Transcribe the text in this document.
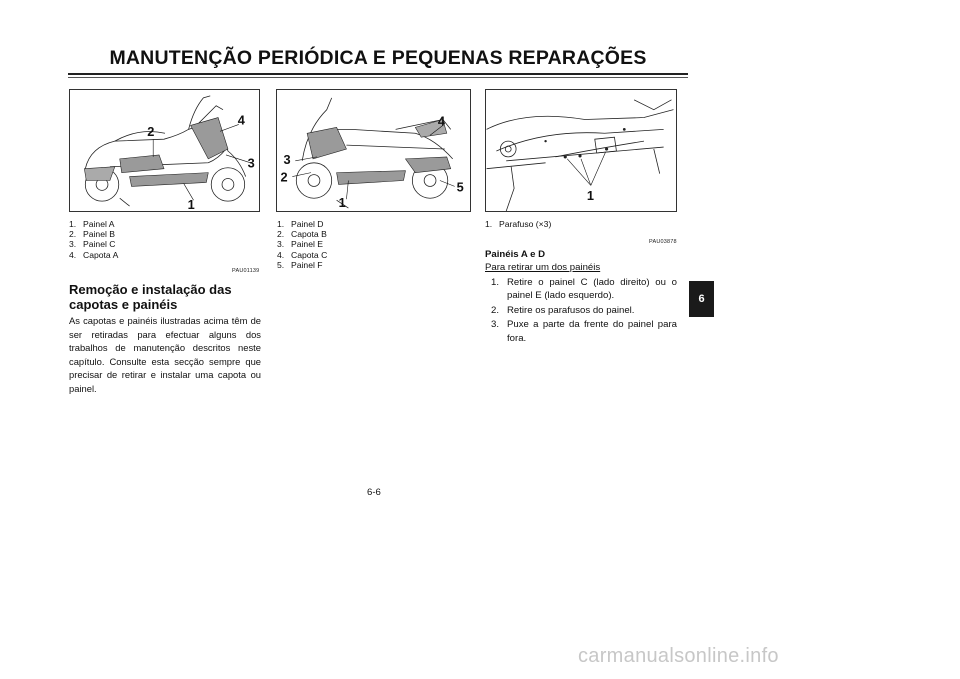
MANUTENÇÃO PERIÓDICA E PEQUENAS REPARAÇÕES
1
2
3
4
1
2
3
4
5
1
1. Painel A
2. Painel B
3. Painel C
4. Capota A
1. Painel D
2. Capota B
3. Painel E
4. Capota C
5. Painel F
1. Parafuso (×3)
PAU01139
PAU03878
Remoção e instalação das capotas e painéis
As capotas e painéis ilustradas acima têm de ser retiradas para efectuar alguns dos trabalhos de manutenção descritos neste capítulo. Consulte esta secção sempre que precisar de retirar e instalar uma capota ou painel.
Painéis A e D
Para retirar um dos painéis
1. Retire o painel C (lado direito) ou o painel E (lado esquerdo).
2. Retire os parafusos do painel.
3. Puxe a parte da frente do painel para fora.
6-6
6
carmanualsonline.info
